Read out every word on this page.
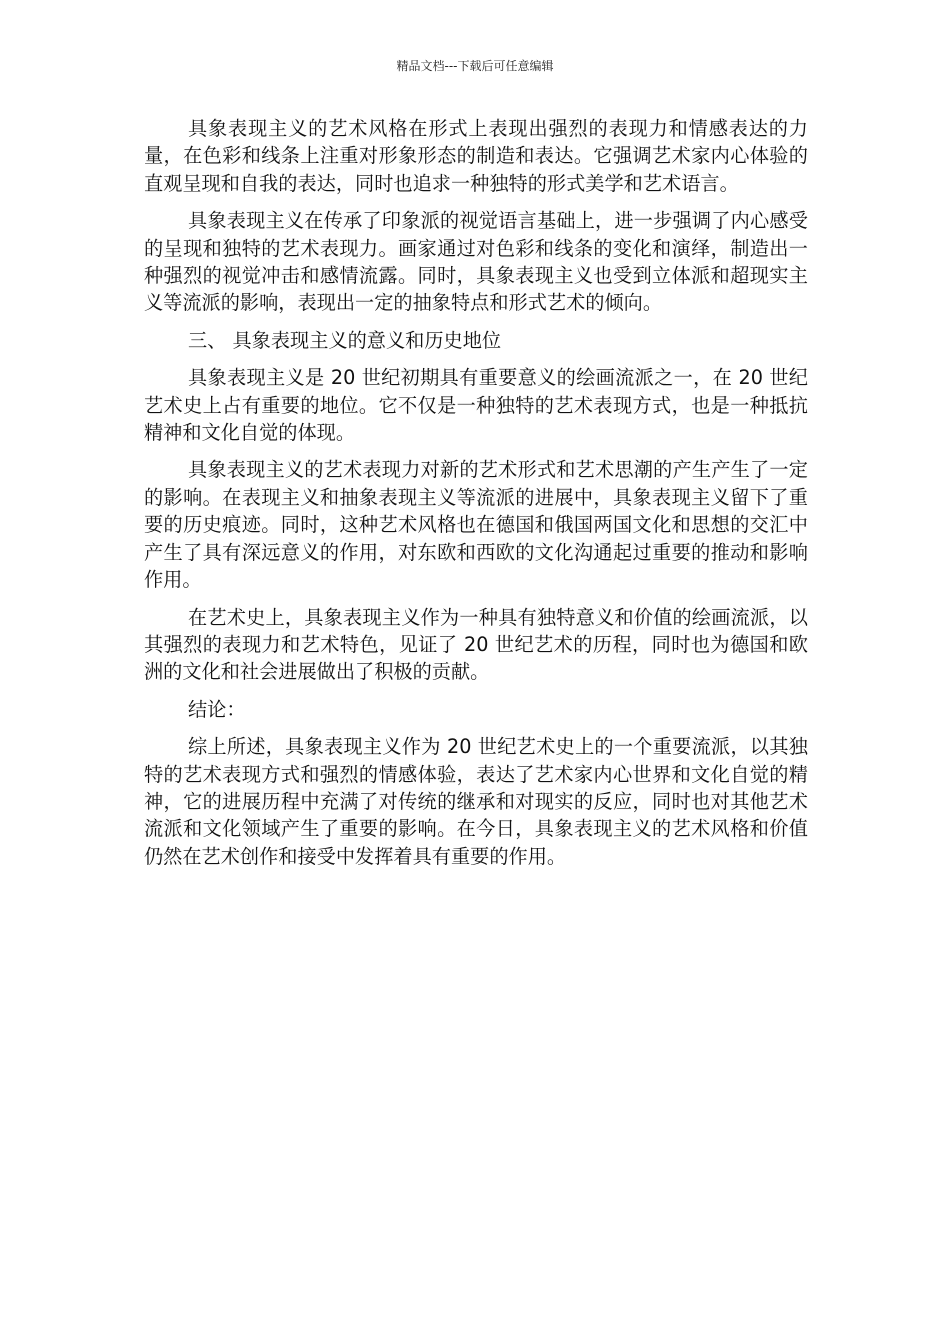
精品文档---下载后可任意编辑

具象表现主义的艺术风格在形式上表现出强烈的表现力和情感表达的力量，在色彩和线条上注重对形象形态的制造和表达。它强调艺术家内心体验的直观呈现和自我的表达，同时也追求一种独特的形式美学和艺术语言。

具象表现主义在传承了印象派的视觉语言基础上，进一步强调了内心感受的呈现和独特的艺术表现力。画家通过对色彩和线条的变化和演绎，制造出一种强烈的视觉冲击和感情流露。同时，具象表现主义也受到立体派和超现实主义等流派的影响，表现出一定的抽象特点和形式艺术的倾向。

三、 具象表现主义的意义和历史地位

具象表现主义是 20 世纪初期具有重要意义的绘画流派之一，在 20 世纪艺术史上占有重要的地位。它不仅是一种独特的艺术表现方式，也是一种抵抗精神和文化自觉的体现。

具象表现主义的艺术表现力对新的艺术形式和艺术思潮的产生产生了一定的影响。在表现主义和抽象表现主义等流派的进展中，具象表现主义留下了重要的历史痕迹。同时，这种艺术风格也在德国和俄国两国文化和思想的交汇中产生了具有深远意义的作用，对东欧和西欧的文化沟通起过重要的推动和影响作用。

在艺术史上，具象表现主义作为一种具有独特意义和价值的绘画流派，以其强烈的表现力和艺术特色，见证了 20 世纪艺术的历程，同时也为德国和欧洲的文化和社会进展做出了积极的贡献。

结论：

综上所述，具象表现主义作为 20 世纪艺术史上的一个重要流派，以其独特的艺术表现方式和强烈的情感体验，表达了艺术家内心世界和文化自觉的精神，它的进展历程中充满了对传统的继承和对现实的反应，同时也对其他艺术流派和文化领域产生了重要的影响。在今日，具象表现主义的艺术风格和价值仍然在艺术创作和接受中发挥着具有重要的作用。
